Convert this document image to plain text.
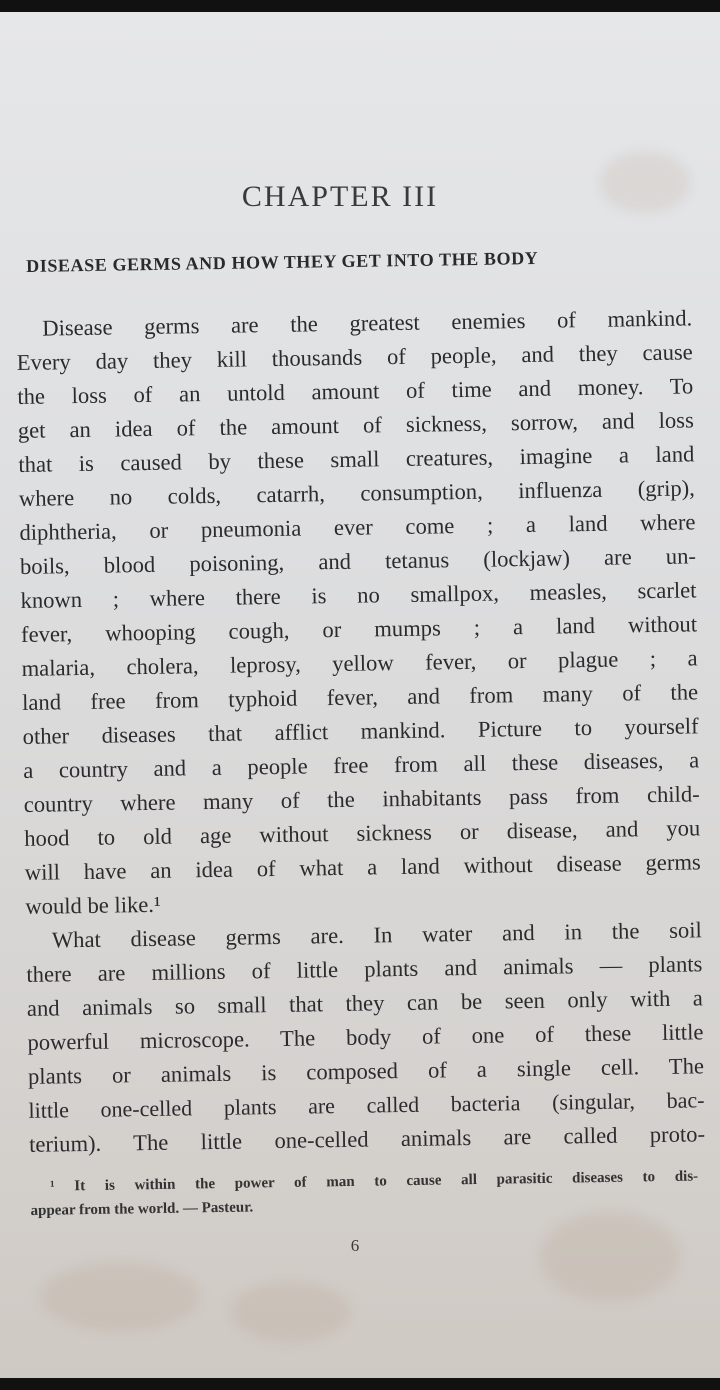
CHAPTER III
DISEASE GERMS AND HOW THEY GET INTO THE BODY
Disease germs are the greatest enemies of mankind.
Every day they kill thousands of people, and they cause
the loss of an untold amount of time and money. To
get an idea of the amount of sickness, sorrow, and loss
that is caused by these small creatures, imagine a land
where no colds, catarrh, consumption, influenza (grip),
diphtheria, or pneumonia ever come ; a land where
boils, blood poisoning, and tetanus (lockjaw) are un-
known ; where there is no smallpox, measles, scarlet
fever, whooping cough, or mumps ; a land without
malaria, cholera, leprosy, yellow fever, or plague ; a
land free from typhoid fever, and from many of the
other diseases that afflict mankind. Picture to yourself
a country and a people free from all these diseases, a
country where many of the inhabitants pass from child-
hood to old age without sickness or disease, and you
will have an idea of what a land without disease germs
would be like.¹
What disease germs are. In water and in the soil
there are millions of little plants and animals — plants
and animals so small that they can be seen only with a
powerful microscope. The body of one of these little
plants or animals is composed of a single cell. The
little one-celled plants are called bacteria (singular, bac-
terium). The little one-celled animals are called proto-
¹ It is within the power of man to cause all parasitic diseases to dis-
appear from the world. — Pasteur.
6
